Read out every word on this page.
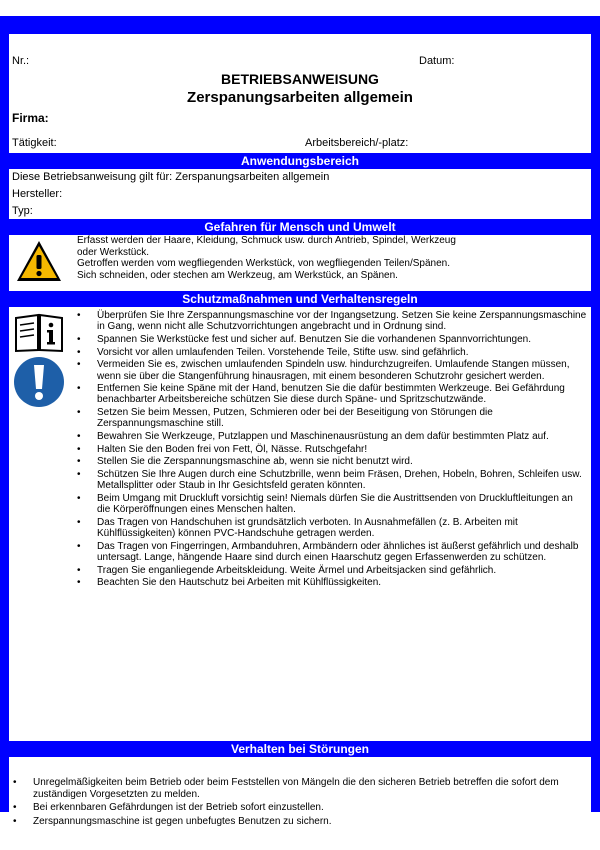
Nr.:	Datum:
BETRIEBSANWEISUNG
Zerspanungsarbeiten allgemein
Firma:
Tätigkeit:	Arbeitsbereich/-platz:
Anwendungsbereich
Diese Betriebsanweisung gilt für: Zerspanungsarbeiten allgemein
Hersteller:
Typ:
Gefahren für Mensch und Umwelt
Erfasst werden der Haare, Kleidung, Schmuck usw. durch Antrieb, Spindel, Werkzeug
oder Werkstück.
Getroffen werden vom wegfliegenden Werkstück, von wegfliegenden Teilen/Spänen.
Sich schneiden, oder stechen am Werkzeug, am Werkstück, an Spänen.
Schutzmaßnahmen und Verhaltensregeln
• Überprüfen Sie Ihre Zerspannungsmaschine vor der Ingangsetzung. Setzen Sie keine Zerspannungsmaschine in Gang, wenn nicht alle Schutzvorrichtungen angebracht und in Ordnung sind.
• Spannen Sie Werkstücke fest und sicher auf. Benutzen Sie die vorhandenen Spannvorrichtungen.
• Vorsicht vor allen umlaufenden Teilen. Vorstehende Teile, Stifte usw. sind gefährlich.
• Vermeiden Sie es, zwischen umlaufenden Spindeln usw. hindurchzugreifen. Umlaufende Stangen müssen, wenn sie über die Stangenführung hinausragen, mit einem besonderen Schutzrohr gesichert werden.
• Entfernen Sie keine Späne mit der Hand, benutzen Sie die dafür bestimmten Werkzeuge. Bei Gefährdung benachbarter Arbeitsbereiche schützen Sie diese durch Späne- und Spritzschutzwände.
• Setzen Sie beim Messen, Putzen, Schmieren oder bei der Beseitigung von Störungen die Zerspannungsmaschine still.
• Bewahren Sie Werkzeuge, Putzlappen und Maschinenausrüstung an dem dafür bestimmten Platz auf.
• Halten Sie den Boden frei von Fett, Öl, Nässe. Rutschgefahr!
• Stellen Sie die Zerspannungsmaschine ab, wenn sie nicht benutzt wird.
• Schützen Sie Ihre Augen durch eine Schutzbrille, wenn beim Fräsen, Drehen, Hobeln, Bohren, Schleifen usw. Metallsplitter oder Staub in Ihr Gesichtsfeld geraten könnten.
• Beim Umgang mit Druckluft vorsichtig sein! Niemals dürfen Sie die Austrittsenden von Druckluftleitungen an die Körperöffnungen eines Menschen halten.
• Das Tragen von Handschuhen ist grundsätzlich verboten. In Ausnahmefällen (z. B. Arbeiten mit Kühlflüssigkeiten) können PVC-Handschuhe getragen werden.
• Das Tragen von Fingerringen, Armbanduhren, Armbändern oder ähnliches ist äußerst gefährlich und deshalb untersagt. Lange, hängende Haare sind durch einen Haarschutz gegen Erfassenwerden zu schützen.
• Tragen Sie enganliegende Arbeitskleidung. Weite Ärmel und Arbeitsjacken sind gefährlich.
• Beachten Sie den Hautschutz bei Arbeiten mit Kühlflüssigkeiten.
Verhalten bei Störungen
• Unregelmäßigkeiten beim Betrieb oder beim Feststellen von Mängeln die den sicheren Betrieb betreffen die sofort dem zuständigen Vorgesetzten zu melden.
• Bei erkennbaren Gefährdungen ist der Betrieb sofort einzustellen.
• Zerspannungsmaschine ist gegen unbefugtes Benutzen zu sichern.
